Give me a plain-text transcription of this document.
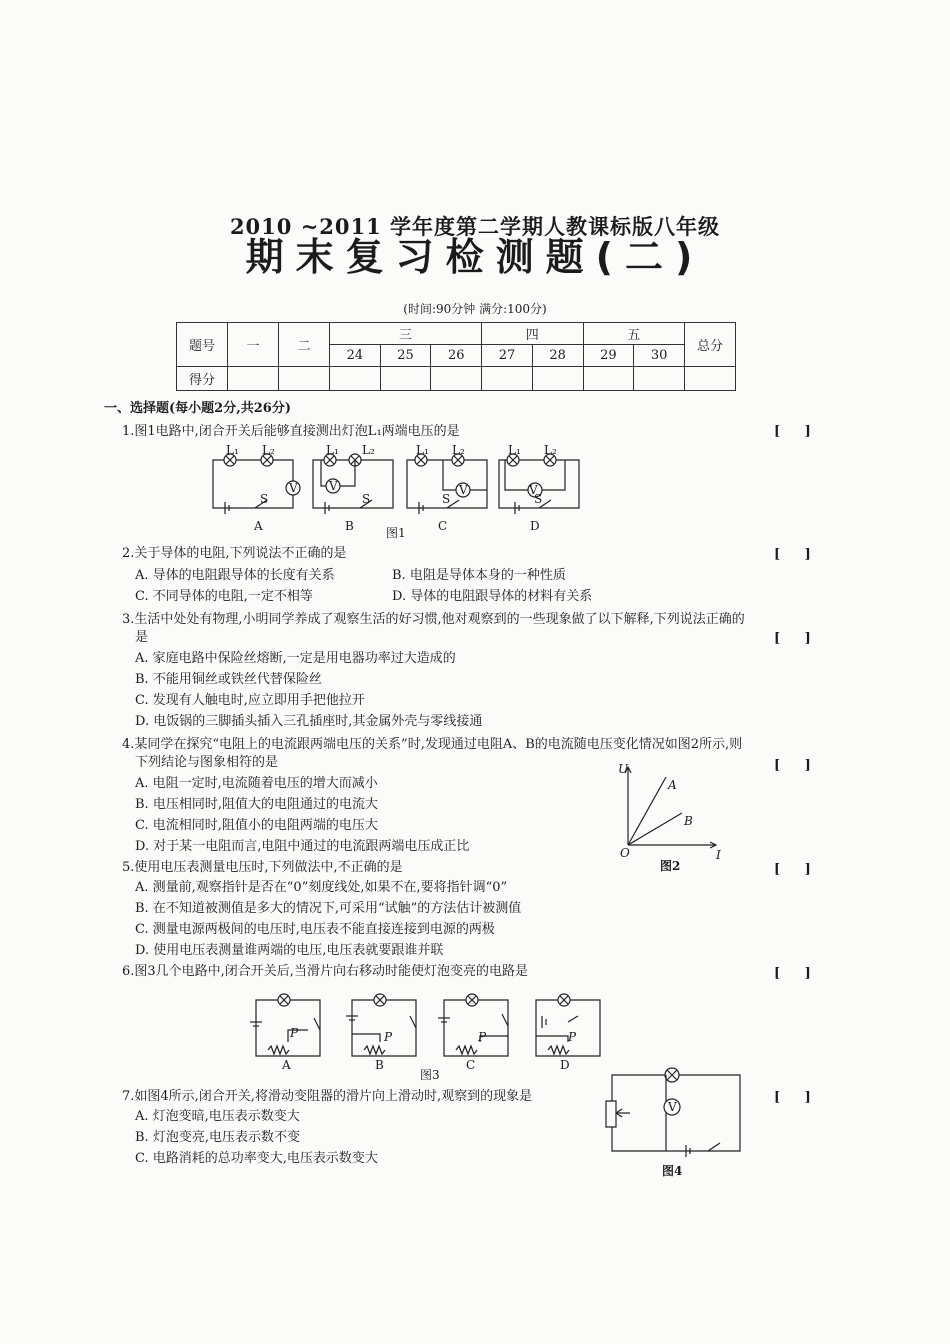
2010 ~2011 学年度第二学期人教课标版八年级
期末复习检测题(二)
(时间:90分钟 满分:100分)
题号	一	二	三			四		五		总分
			24	25	26	27	28	29	30	
得分										
一、选择题(每小题2分,共26分)
1.图1电路中,闭合开关后能够直接测出灯泡L₁两端电压的是	[ ]
L₁ L₂
V
S
L₁ L₂
V
S
L₁ L₂
V
S
L₁ L₂
V
S
A	B	图1	C	D
2.关于导体的电阻,下列说法不正确的是	[ ]
A. 导体的电阻跟导体的长度有关系	B. 电阻是导体本身的一种性质
C. 不同导体的电阻,一定不相等	D. 导体的电阻跟导体的材料有关系
3.生活中处处有物理,小明同学养成了观察生活的好习惯,他对观察到的一些现象做了以下解释,下列说法正确的
是	[ ]
A. 家庭电路中保险丝熔断,一定是用电器功率过大造成的
B. 不能用铜丝或铁丝代替保险丝
C. 发现有人触电时,应立即用手把他拉开
D. 电饭锅的三脚插头插入三孔插座时,其金属外壳与零线接通
4.某同学在探究“电阻上的电流跟两端电压的关系”时,发现通过电阻A、B的电流随电压变化情况如图2所示,则
下列结论与图象相符的是	[ ]
A. 电阻一定时,电流随着电压的增大而减小
B. 电压相同时,阻值大的电阻通过的电流大
C. 电流相同时,阻值小的电阻两端的电压大
D. 对于某一电阻而言,电阻中通过的电流跟两端电压成正比
U
A
B
O	I
图2
5.使用电压表测量电压时,下列做法中,不正确的是	[ ]
A. 测量前,观察指针是否在“0”刻度线处,如果不在,要将指针调“0”
B. 在不知道被测值是多大的情况下,可采用“试触”的方法估计被测值
C. 测量电源两极间的电压时,电压表不能直接连接到电源的两极
D. 使用电压表测量谁两端的电压,电压表就要跟谁并联
6.图3几个电路中,闭合开关后,当滑片向右移动时能使灯泡变亮的电路是	[ ]
P	P	P	P
A	B
图3
C	D
7.如图4所示,闭合开关,将滑动变阻器的滑片向上滑动时,观察到的现象是	[ ]
A. 灯泡变暗,电压表示数变大
B. 灯泡变亮,电压表示数不变
C. 电路消耗的总功率变大,电压表示数变大
V
图4
